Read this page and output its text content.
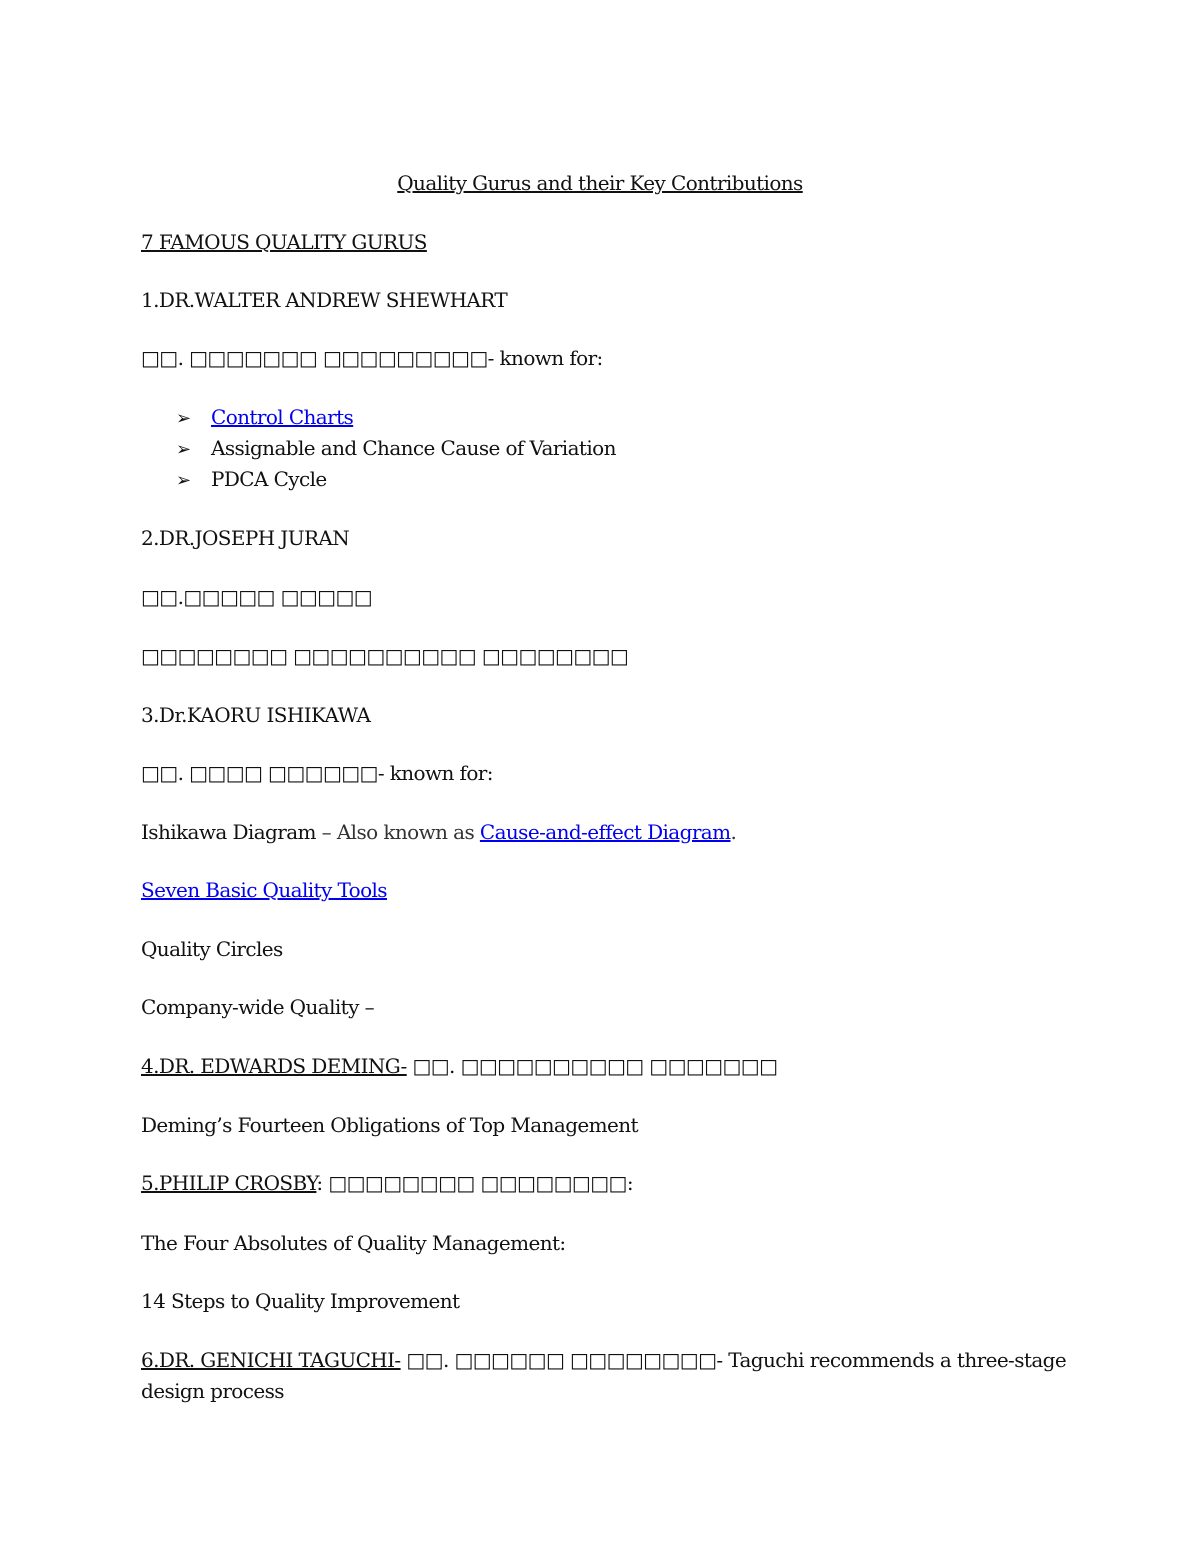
Quality Gurus and their Key Contributions
7 FAMOUS QUALITY GURUS
1.DR.WALTER ANDREW SHEWHART
□□. □□□□□□□ □□□□□□□□□- known for:
➢ Control Charts
➢ Assignable and Chance Cause of Variation
➢ PDCA Cycle
2.DR.JOSEPH JURAN
□□.□□□□□ □□□□□
□□□□□□□□ □□□□□□□□□□ □□□□□□□□
3.Dr.KAORU ISHIKAWA
□□. □□□□ □□□□□□- known for:
Ishikawa Diagram – Also known as Cause-and-effect Diagram.
Seven Basic Quality Tools
Quality Circles
Company-wide Quality –
4.DR. EDWARDS DEMING- □□. □□□□□□□□□□ □□□□□□□
Deming’s Fourteen Obligations of Top Management
5.PHILIP CROSBY: □□□□□□□□ □□□□□□□□:
The Four Absolutes of Quality Management:
14 Steps to Quality Improvement
6.DR. GENICHI TAGUCHI- □□. □□□□□□ □□□□□□□□- Taguchi recommends a three-stage
design process
